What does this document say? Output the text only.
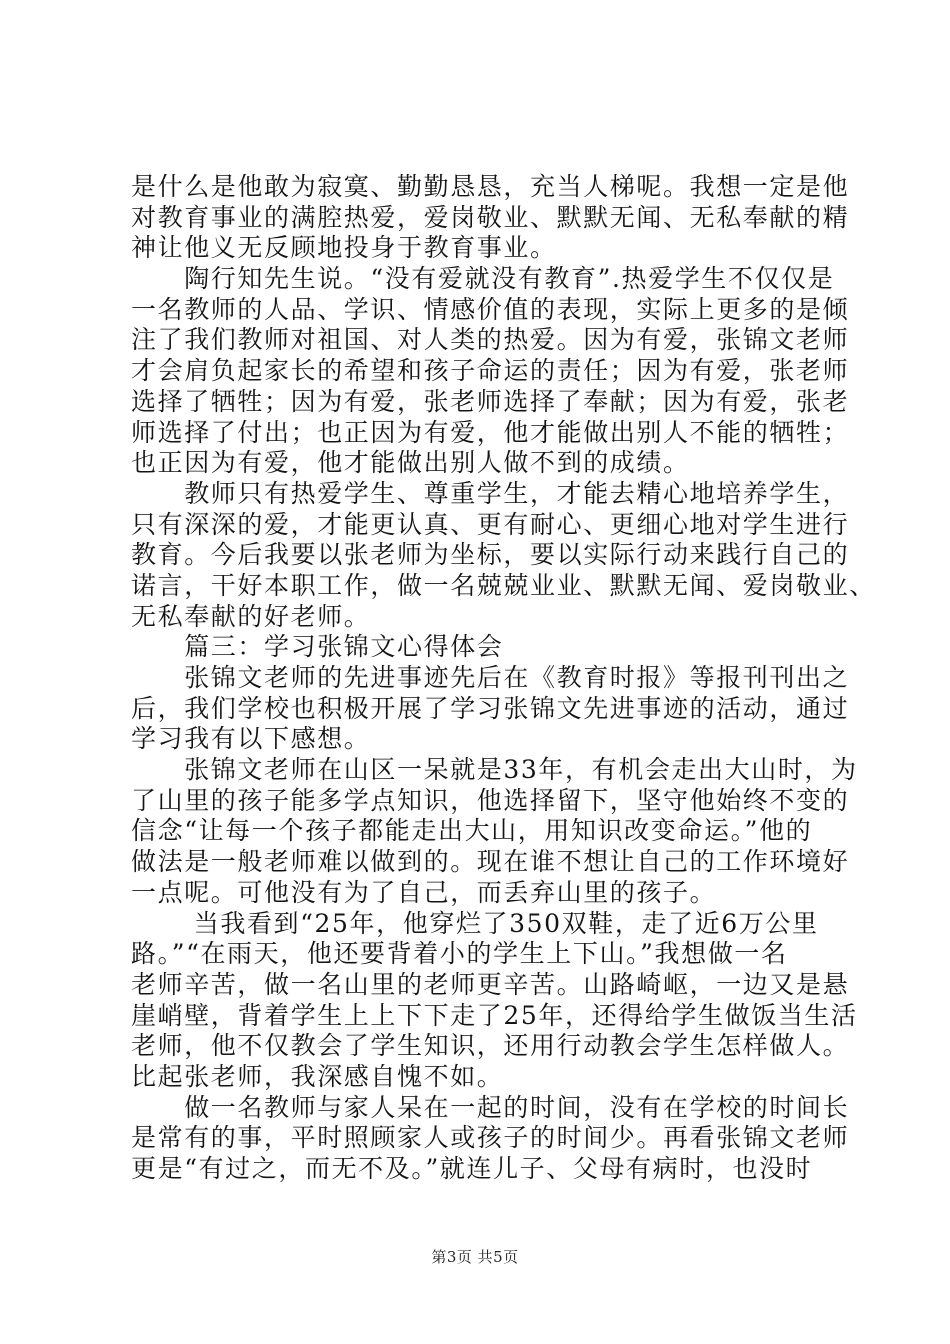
是什么是他敢为寂寞、勤勤恳恳，充当人梯呢。我想一定是他
对教育事业的满腔热爱，爱岗敬业、默默无闻、无私奉献的精
神让他义无反顾地投身于教育事业。
　　陶行知先生说。“没有爱就没有教育”.热爱学生不仅仅是
一名教师的人品、学识、情感价值的表现，实际上更多的是倾
注了我们教师对祖国、对人类的热爱。因为有爱，张锦文老师
才会肩负起家长的希望和孩子命运的责任；因为有爱，张老师
选择了牺牲；因为有爱，张老师选择了奉献；因为有爱，张老
师选择了付出；也正因为有爱，他才能做出别人不能的牺牲；
也正因为有爱，他才能做出别人做不到的成绩。
　　教师只有热爱学生、尊重学生，才能去精心地培养学生，
只有深深的爱，才能更认真、更有耐心、更细心地对学生进行
教育。今后我要以张老师为坐标，要以实际行动来践行自己的
诺言，干好本职工作，做一名兢兢业业、默默无闻、爱岗敬业、
无私奉献的好老师。
　　篇三：学习张锦文心得体会
　　张锦文老师的先进事迹先后在《教育时报》等报刊刊出之
后，我们学校也积极开展了学习张锦文先进事迹的活动，通过
学习我有以下感想。
　　张锦文老师在山区一呆就是33年，有机会走出大山时，为
了山里的孩子能多学点知识，他选择留下，坚守他始终不变的
信念“让每一个孩子都能走出大山，用知识改变命运。”他的
做法是一般老师难以做到的。现在谁不想让自己的工作环境好
一点呢。可他没有为了自己，而丢弃山里的孩子。
　　 当我看到“25年，他穿烂了350双鞋，走了近6万公里
路。”“在雨天，他还要背着小的学生上下山。”我想做一名
老师辛苦，做一名山里的老师更辛苦。山路崎岖，一边又是悬
崖峭壁，背着学生上上下下走了25年，还得给学生做饭当生活
老师，他不仅教会了学生知识，还用行动教会学生怎样做人。
比起张老师，我深感自愧不如。
　　做一名教师与家人呆在一起的时间，没有在学校的时间长
是常有的事，平时照顾家人或孩子的时间少。再看张锦文老师
更是“有过之，而无不及。”就连儿子、父母有病时，也没时
第3页 共5页
